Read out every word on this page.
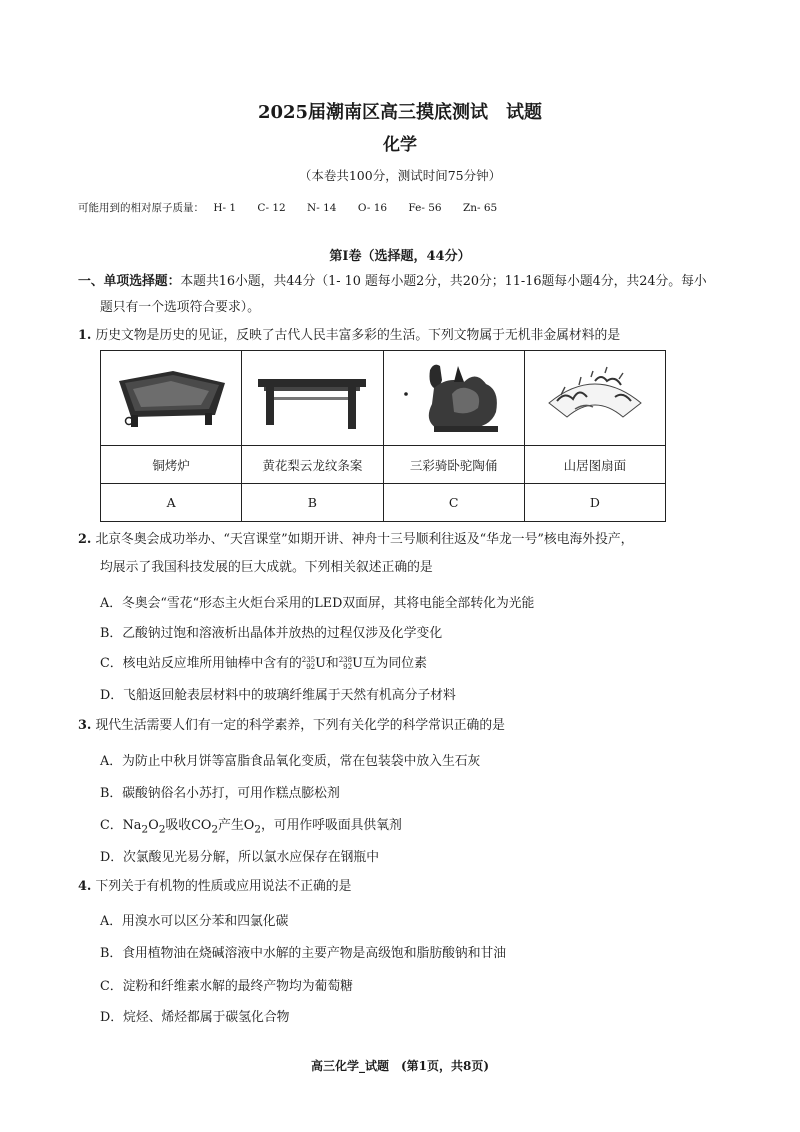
2025届潮南区高三摸底测试　试题
化学
（本卷共100分，测试时间75分钟）
可能用到的相对原子质量： H- 1 C- 12 N- 14 O- 16 Fe- 56 Zn- 65
第Ⅰ卷（选择题，44分）
一、单项选择题：本题共16小题，共44分（1- 10 题每小题2分，共20分；11-16题每小题4分，共24分。每小
题只有一个选项符合要求）。
1. 历史文物是历史的见证，反映了古代人民丰富多彩的生活。下列文物属于无机非金属材料的是

铜烤炉	黄花梨云龙纹条案	三彩骑卧驼陶俑	山居图扇面
A	B	C	D
2. 北京冬奥会成功举办、“天宫课堂”如期开讲、神舟十三号顺利往返及“华龙一号”核电海外投产，
均展示了我国科技发展的巨大成就。下列相关叙述正确的是
A．冬奥会“雪花“形态主火炬台采用的LED双面屏，其将电能全部转化为光能
B．乙酸钠过饱和溶液析出晶体并放热的过程仅涉及化学变化
C．核电站反应堆所用铀棒中含有的 235
92 U和 238
92 U互为同位素
D．飞船返回舱表层材料中的玻璃纤维属于天然有机高分子材料
3. 现代生活需要人们有一定的科学素养，下列有关化学的科学常识正确的是
A．为防止中秋月饼等富脂食品氧化变质，常在包装袋中放入生石灰
B．碳酸钠俗名小苏打，可用作糕点膨松剂
C．$Na_2O_2$吸收$CO_2$产生$O_2$，可用作呼吸面具供氧剂
D．次氯酸见光易分解，所以氯水应保存在钢瓶中
4. 下列关于有机物的性质或应用说法不正确的是
A．用溴水可以区分苯和四氯化碳
B．食用植物油在烧碱溶液中水解的主要产物是高级饱和脂肪酸钠和甘油
C．淀粉和纤维素水解的最终产物均为葡萄糖
D．烷烃、烯烃都属于碳氢化合物
高三化学_试题　(第1页，共8页)
